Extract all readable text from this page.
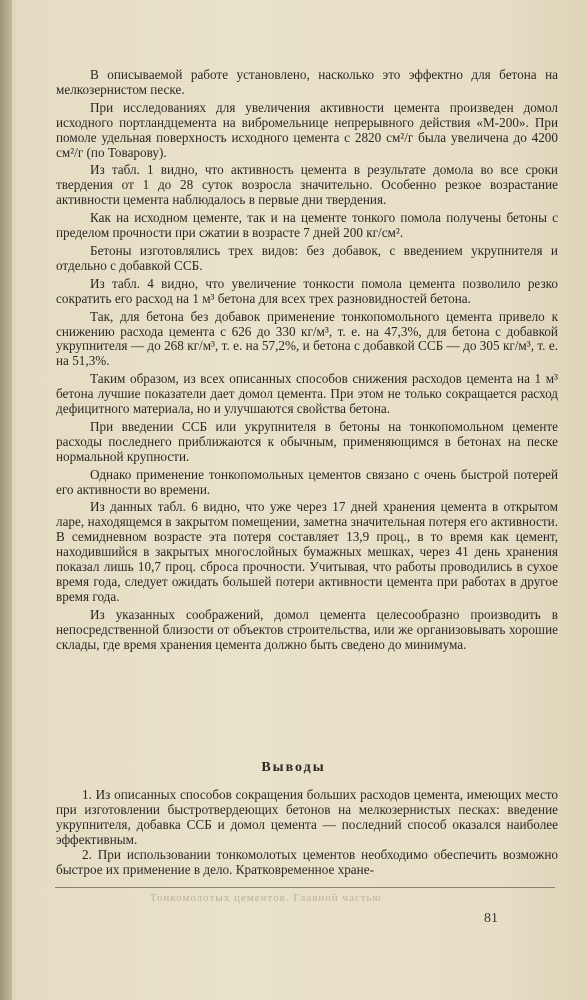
В описываемой работе установлено, насколько это эффектно для бетона на мелкозернистом песке.

При исследованиях для увеличения активности цемента произведен домол исходного портландцемента на вибромельнице непрерывного действия «М-200». При помоле удельная поверхность исходного цемента с 2820 см²/г была увеличена до 4200 см²/г (по Товарову).

Из табл. 1 видно, что активность цемента в результате домола во все сроки твердения от 1 до 28 суток возросла значительно. Особенно резкое возрастание активности цемента наблюдалось в первые дни твердения.

Как на исходном цементе, так и на цементе тонкого помола получены бетоны с пределом прочности при сжатии в возрасте 7 дней 200 кг/см².

Бетоны изготовлялись трех видов: без добавок, с введением укрупнителя и отдельно с добавкой ССБ.

Из табл. 4 видно, что увеличение тонкости помола цемента позволило резко сократить его расход на 1 м³ бетона для всех трех разновидностей бетона.

Так, для бетона без добавок применение тонкопомольного цемента привело к снижению расхода цемента с 626 до 330 кг/м³, т. е. на 47,3%, для бетона с добавкой укрупнителя — до 268 кг/м³, т. е. на 57,2%, и бетона с добавкой ССБ — до 305 кг/м³, т. е. на 51,3%.

Таким образом, из всех описанных способов снижения расходов цемента на 1 м³ бетона лучшие показатели дает домол цемента. При этом не только сокращается расход дефицитного материала, но и улучшаются свойства бетона.

При введении ССБ или укрупнителя в бетоны на тонкопомольном цементе расходы последнего приближаются к обычным, применяющимся в бетонах на песке нормальной крупности.

Однако применение тонкопомольных цементов связано с очень быстрой потерей его активности во времени.

Из данных табл. 6 видно, что уже через 17 дней хранения цемента в открытом ларе, находящемся в закрытом помещении, заметна значительная потеря его активности. В семидневном возрасте эта потеря составляет 13,9 проц., в то время как цемент, находившийся в закрытых многослойных бумажных мешках, через 41 день хранения показал лишь 10,7 проц. сброса прочности. Учитывая, что работы проводились в сухое время года, следует ожидать большей потери активности цемента при работах в другое время года.

Из указанных соображений, домол цемента целесообразно производить в непосредственной близости от объектов строительства, или же организовывать хорошие склады, где время хранения цемента должно быть сведено до минимума.

Выводы

1. Из описанных способов сокращения больших расходов цемента, имеющих место при изготовлении быстротвердеющих бетонов на мелкозернистых песках: введение укрупнителя, добавка ССБ и домол цемента — последний способ оказался наиболее эффективным.

2. При использовании тонкомолотых цементов необходимо обеспечить возможно быстрое их применение в дело. Кратковременное хране-

Тонкомолотых цементов. Главной частью
81
